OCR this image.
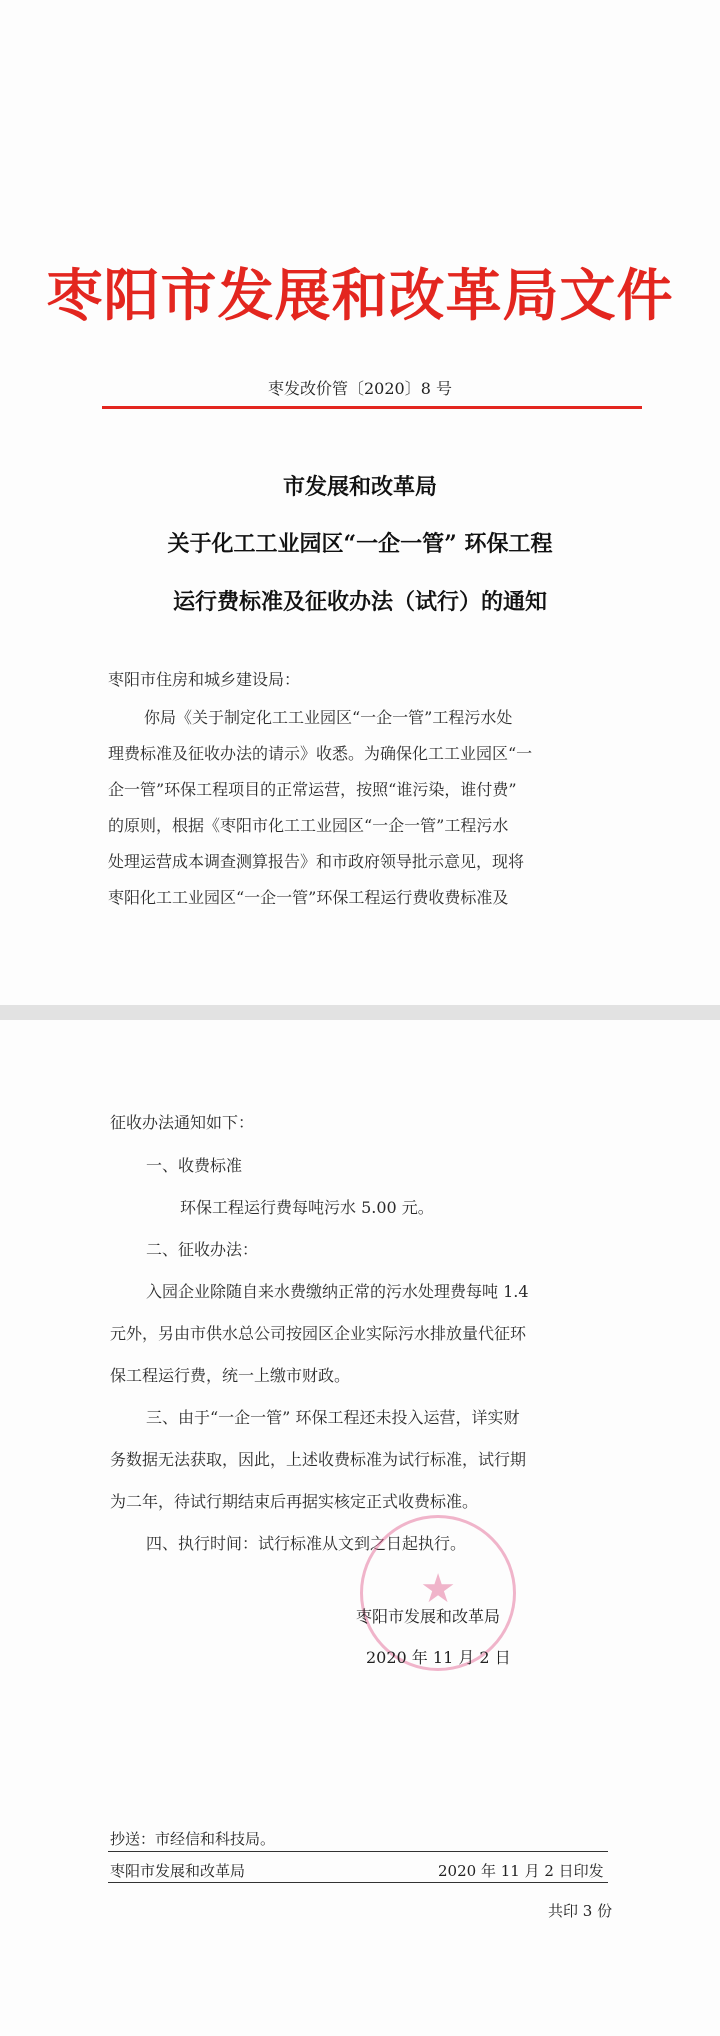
枣阳市发展和改革局文件
枣发改价管〔2020〕8 号
市发展和改革局
关于化工工业园区“一企一管” 环保工程
运行费标准及征收办法（试行）的通知
枣阳市住房和城乡建设局：
你局《关于制定化工工业园区“一企一管”工程污水处
理费标准及征收办法的请示》收悉。为确保化工工业园区“一
企一管”环保工程项目的正常运营，按照“谁污染，谁付费”
的原则，根据《枣阳市化工工业园区“一企一管”工程污水
处理运营成本调查测算报告》和市政府领导批示意见，现将
枣阳化工工业园区“一企一管”环保工程运行费收费标准及
征收办法通知如下：
一、收费标准
环保工程运行费每吨污水 5.00 元。
二、征收办法：
入园企业除随自来水费缴纳正常的污水处理费每吨 1.4
元外，另由市供水总公司按园区企业实际污水排放量代征环
保工程运行费，统一上缴市财政。
三、由于“一企一管” 环保工程还未投入运营，详实财
务数据无法获取，因此，上述收费标准为试行标准，试行期
为二年，待试行期结束后再据实核定正式收费标准。
四、执行时间：试行标准从文到之日起执行。
★
枣阳市发展和改革局
2020 年 11 月 2 日
抄送：市经信和科技局。
枣阳市发展和改革局	2020 年 11 月 2 日印发
共印 3 份
